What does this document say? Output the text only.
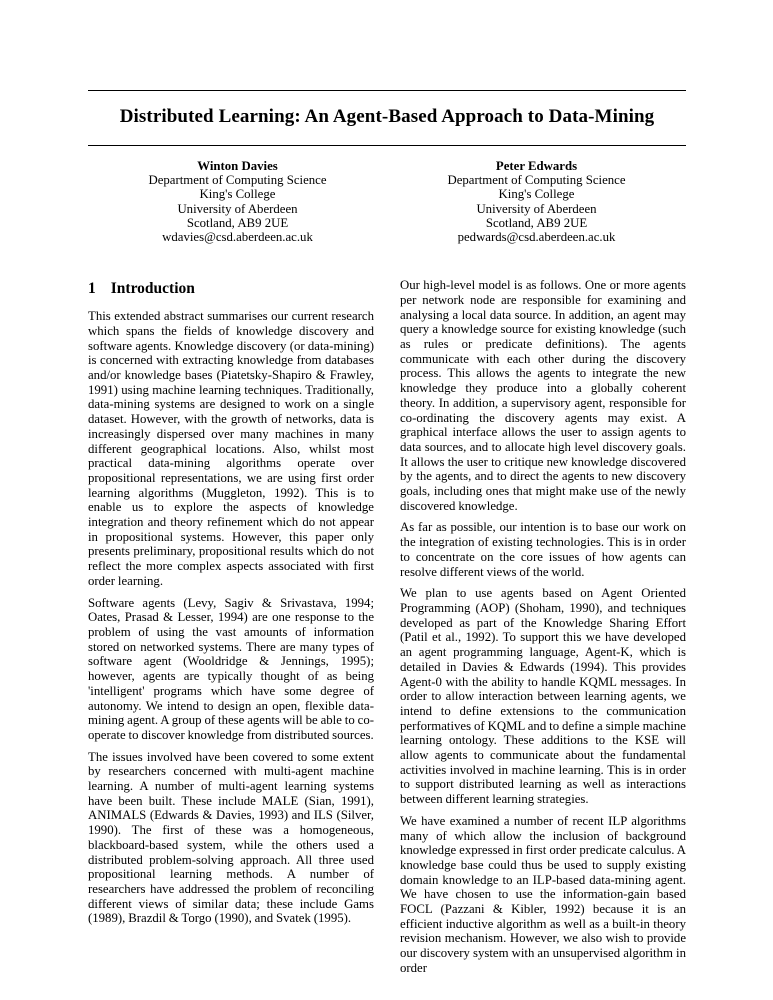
Distributed Learning: An Agent-Based Approach to Data-Mining
Winton Davies
Department of Computing Science
King's College
University of Aberdeen
Scotland, AB9 2UE
wdavies@csd.aberdeen.ac.uk
Peter Edwards
Department of Computing Science
King's College
University of Aberdeen
Scotland, AB9 2UE
pedwards@csd.aberdeen.ac.uk
1 Introduction

This extended abstract summarises our current research which spans the fields of knowledge discovery and software agents. Knowledge discovery (or data-mining) is concerned with extracting knowledge from databases and/or knowledge bases (Piatetsky-Shapiro & Frawley, 1991) using machine learning techniques. Traditionally, data-mining systems are designed to work on a single dataset. However, with the growth of networks, data is increasingly dispersed over many machines in many different geographical locations. Also, whilst most practical data-mining algorithms operate over propositional representations, we are using first order learning algorithms (Muggleton, 1992). This is to enable us to explore the aspects of knowledge integration and theory refinement which do not appear in propositional systems. However, this paper only presents preliminary, propositional results which do not reflect the more complex aspects associated with first order learning.

Software agents (Levy, Sagiv & Srivastava, 1994; Oates, Prasad & Lesser, 1994) are one response to the problem of using the vast amounts of information stored on networked systems. There are many types of software agent (Wooldridge & Jennings, 1995); however, agents are typically thought of as being 'intelligent' programs which have some degree of autonomy. We intend to design an open, flexible data-mining agent. A group of these agents will be able to co-operate to discover knowledge from distributed sources.

The issues involved have been covered to some extent by researchers concerned with multi-agent machine learning. A number of multi-agent learning systems have been built. These include MALE (Sian, 1991), ANIMALS (Edwards & Davies, 1993) and ILS (Silver, 1990). The first of these was a homogeneous, blackboard-based system, while the others used a distributed problem-solving approach. All three used propositional learning methods. A number of researchers have addressed the problem of reconciling different views of similar data; these include Gams (1989), Brazdil & Torgo (1990), and Svatek (1995).

Our high-level model is as follows. One or more agents per network node are responsible for examining and analysing a local data source. In addition, an agent may query a knowledge source for existing knowledge (such as rules or predicate definitions). The agents communicate with each other during the discovery process. This allows the agents to integrate the new knowledge they produce into a globally coherent theory. In addition, a supervisory agent, responsible for co-ordinating the discovery agents may exist. A graphical interface allows the user to assign agents to data sources, and to allocate high level discovery goals. It allows the user to critique new knowledge discovered by the agents, and to direct the agents to new discovery goals, including ones that might make use of the newly discovered knowledge.

As far as possible, our intention is to base our work on the integration of existing technologies. This is in order to concentrate on the core issues of how agents can resolve different views of the world.

We plan to use agents based on Agent Oriented Programming (AOP) (Shoham, 1990), and techniques developed as part of the Knowledge Sharing Effort (Patil et al., 1992). To support this we have developed an agent programming language, Agent-K, which is detailed in Davies & Edwards (1994). This provides Agent-0 with the ability to handle KQML messages. In order to allow interaction between learning agents, we intend to define extensions to the communication performatives of KQML and to define a simple machine learning ontology. These additions to the KSE will allow agents to communicate about the fundamental activities involved in machine learning. This is in order to support distributed learning as well as interactions between different learning strategies.

We have examined a number of recent ILP algorithms many of which allow the inclusion of background knowledge expressed in first order predicate calculus. A knowledge base could thus be used to supply existing domain knowledge to an ILP-based data-mining agent. We have chosen to use the information-gain based FOCL (Pazzani & Kibler, 1992) because it is an efficient inductive algorithm as well as a built-in theory revision mechanism. However, we also wish to provide our discovery system with an unsupervised algorithm in order
